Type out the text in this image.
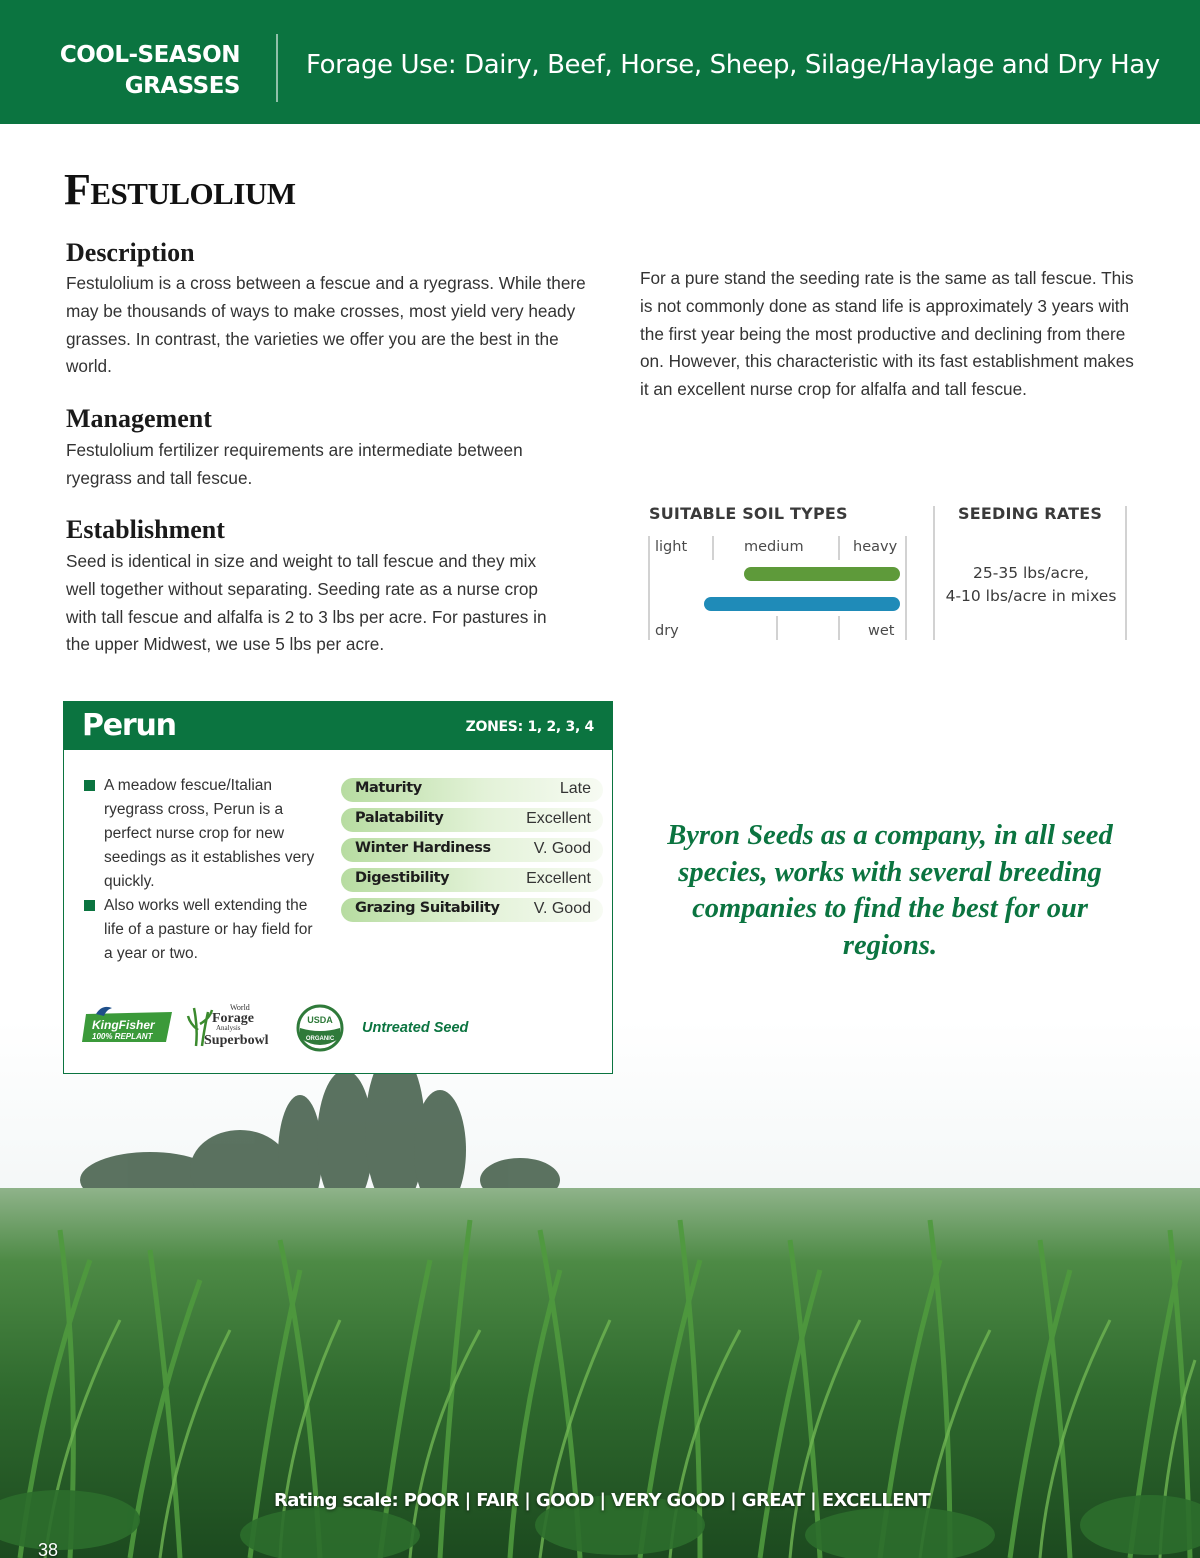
COOL-SEASON
GRASSES
Forage Use: Dairy, Beef, Horse, Sheep, Silage/Haylage and Dry Hay
Festulolium
Description
Festulolium is a cross between a fescue and a ryegrass. While there may be thousands of ways to make crosses, most yield very heady grasses. In contrast, the varieties we offer you are the best in the world.
Management
Festulolium fertilizer requirements are intermediate between ryegrass and tall fescue.
Establishment
Seed is identical in size and weight to tall fescue and they mix well together without separating. Seeding rate as a nurse crop with tall fescue and alfalfa is 2 to 3 lbs per acre. For pastures in the upper Midwest, we use 5 lbs per acre.
For a pure stand the seeding rate is the same as tall fescue. This is not commonly done as stand life is approximately 3 years with the first year being the most productive and declining from there on. However, this characteristic with its fast establishment makes it an excellent nurse crop for alfalfa and tall fescue.
SUITABLE SOIL TYPES
light	medium	heavy
dry	wet
SEEDING RATES
25-35 lbs/acre,
4-10 lbs/acre in mixes
Byron Seeds as a company, in all seed species, works with several breeding companies to find the best for our regions.
Perun	ZONES: 1, 2, 3, 4
A meadow fescue/Italian ryegrass cross, Perun is a perfect nurse crop for new seedings as it establishes very quickly.
Also works well extending the life of a pasture or hay field for a year or two.
Maturity	Late
Palatability	Excellent
Winter Hardiness	V. Good
Digestibility	Excellent
Grazing Suitability V. Good
KingFisher
100% REPLANT
World
Forage
Analysis
Superbowl
USDA
ORGANIC
Untreated Seed
Rating scale: POOR | FAIR | GOOD | VERY GOOD | GREAT | EXCELLENT
38
